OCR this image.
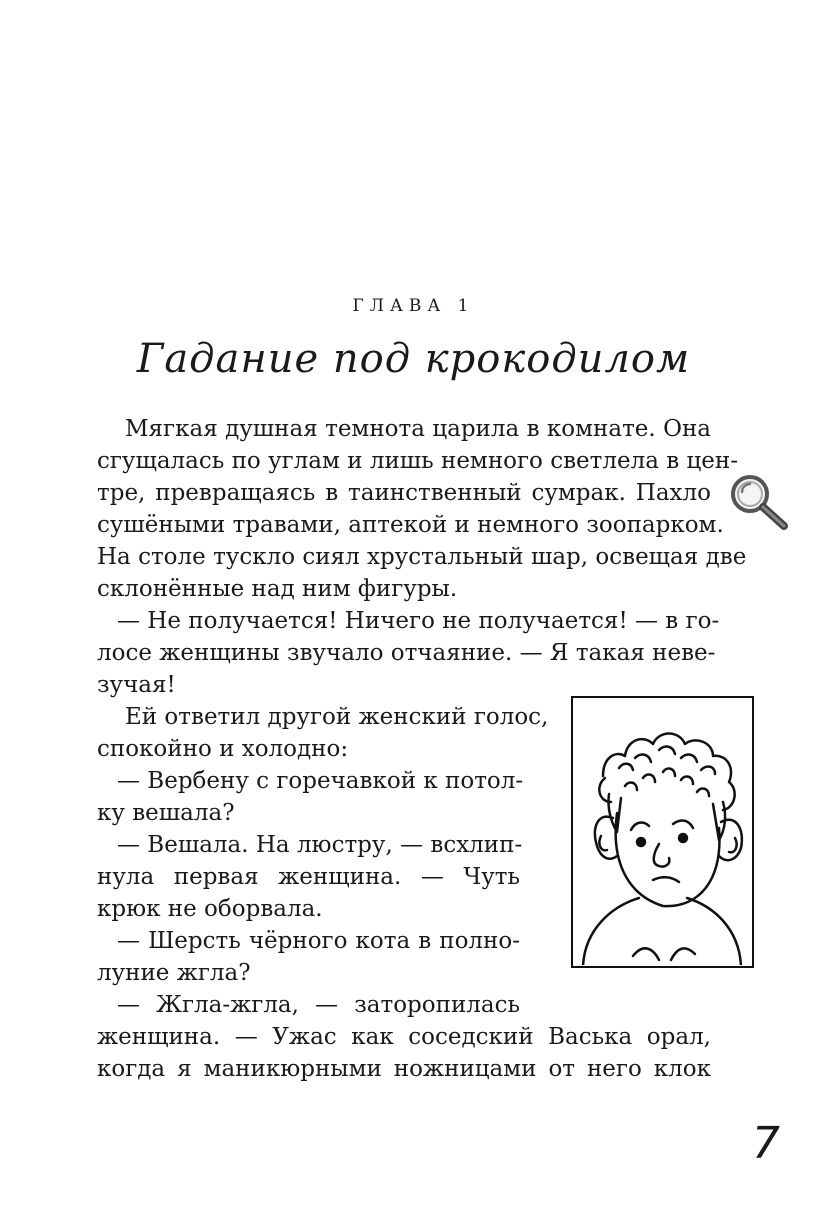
ГЛАВА 1
Гадание под крокодилом
Мягкая душная темнота царила в комнате. Она
сгущалась по углам и лишь немного светлела в цен-
тре, превращаясь в таинственный сумрак. Пахло
сушёными травами, аптекой и немного зоопарком.
На столе тускло сиял хрустальный шар, освещая две
склонённые над ним фигуры.
— Не получается! Ничего не получается! — в го-
лосе женщины звучало отчаяние. — Я такая неве-
зучая!
Ей ответил другой женский голос,
спокойно и холодно:
— Вербену с горечавкой к потол-
ку вешала?
— Вешала. На люстру, — всхлип-
нула первая женщина. — Чуть
крюк не оборвала.
— Шерсть чёрного кота в полно-
луние жгла?
— Жгла-жгла, — заторопилась
женщина. — Ужас как соседский Васька орал,
когда я маникюрными ножницами от него клок
7
